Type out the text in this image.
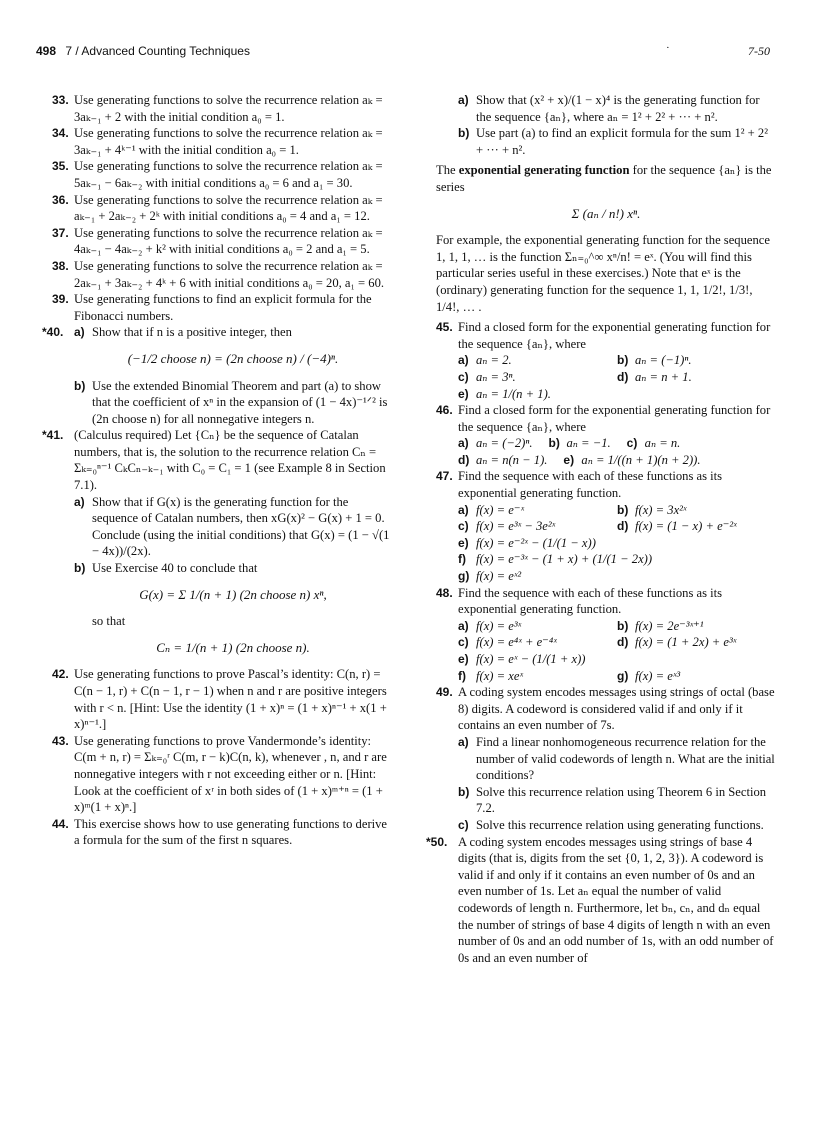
498 7 / Advanced Counting Techniques	·	7-50
33. Use generating functions to solve the recurrence relation aₖ = 3aₖ₋₁ + 2 with the initial condition a₀ = 1.
34. Use generating functions to solve the recurrence relation aₖ = 3aₖ₋₁ + 4ᵏ⁻¹ with the initial condition a₀ = 1.
35. Use generating functions to solve the recurrence relation aₖ = 5aₖ₋₁ − 6aₖ₋₂ with initial conditions a₀ = 6 and a₁ = 30.
36. Use generating functions to solve the recurrence relation aₖ = aₖ₋₁ + 2aₖ₋₂ + 2ᵏ with initial conditions a₀ = 4 and a₁ = 12.
37. Use generating functions to solve the recurrence relation aₖ = 4aₖ₋₁ − 4aₖ₋₂ + k² with initial conditions a₀ = 2 and a₁ = 5.
38. Use generating functions to solve the recurrence relation aₖ = 2aₖ₋₁ + 3aₖ₋₂ + 4ᵏ + 6 with initial conditions a₀ = 20, a₁ = 60.
39. Use generating functions to find an explicit formula for the Fibonacci numbers.
*40. a) Show that if n is a positive integer, then
(−1/2 choose n) = (2n choose n) / (−4)ⁿ.
b) Use the extended Binomial Theorem and part (a) to show that the coefficient of xⁿ in the expansion of (1 − 4x)⁻¹ᐟ² is (2n choose n) for all nonnegative integers n.
*41. (Calculus required) Let {Cₙ} be the sequence of Catalan numbers, that is, the solution to the recurrence relation Cₙ = Σₖ₌₀ⁿ⁻¹ CₖCₙ₋ₖ₋₁ with C₀ = C₁ = 1 (see Example 8 in Section 7.1).
a) Show that if G(x) is the generating function for the sequence of Catalan numbers, then xG(x)² − G(x) + 1 = 0. Conclude (using the initial conditions) that G(x) = (1 − √(1 − 4x))/(2x).
b) Use Exercise 40 to conclude that
G(x) = Σ 1/(n + 1) (2n choose n) xⁿ,
so that
Cₙ = 1/(n + 1) (2n choose n).
42. Use generating functions to prove Pascal’s identity: C(n, r) = C(n − 1, r) + C(n − 1, r − 1) when n and r are positive integers with r < n. [Hint: Use the identity (1 + x)ⁿ = (1 + x)ⁿ⁻¹ + x(1 + x)ⁿ⁻¹.]
43. Use generating functions to prove Vandermonde’s identity: C(m + n, r) = Σₖ₌₀ʳ C(m, r − k)C(n, k), whenever , n, and r are nonnegative integers with r not exceeding either or n. [Hint: Look at the coefficient of xʳ in both sides of (1 + x)ᵐ⁺ⁿ = (1 + x)ᵐ(1 + x)ⁿ.]
44. This exercise shows how to use generating functions to derive a formula for the sum of the first n squares.
a) Show that (x² + x)/(1 − x)⁴ is the generating function for the sequence {aₙ}, where aₙ = 1² + 2² + ··· + n².
b) Use part (a) to find an explicit formula for the sum 1² + 2² + ··· + n².
The exponential generating function for the sequence {aₙ} is the series
Σ (aₙ / n!) xⁿ.
For example, the exponential generating function for the sequence 1, 1, 1, … is the function Σₙ₌₀^∞ xⁿ/n! = eˣ. (You will find this particular series useful in these exercises.) Note that eˣ is the (ordinary) generating function for the sequence 1, 1, 1/2!, 1/3!, 1/4!, … .
45. Find a closed form for the exponential generating function for the sequence {aₙ}, where
a) aₙ = 2.	b) aₙ = (−1)ⁿ.
c) aₙ = 3ⁿ.	d) aₙ = n + 1.
e) aₙ = 1/(n + 1).
46. Find a closed form for the exponential generating function for the sequence {aₙ}, where
a) aₙ = (−2)ⁿ. b) aₙ = −1. c) aₙ = n.
d) aₙ = n(n − 1). e) aₙ = 1/((n + 1)(n + 2)).
47. Find the sequence with each of these functions as its exponential generating function.
a) f(x) = e⁻ˣ	b) f(x) = 3x²ˣ
c) f(x) = e³ˣ − 3e²ˣ	d) f(x) = (1 − x) + e⁻²ˣ
e) f(x) = e⁻²ˣ − (1/(1 − x))
f) f(x) = e⁻³ˣ − (1 + x) + (1/(1 − 2x))
g) f(x) = eˣ²
48. Find the sequence with each of these functions as its exponential generating function.
a) f(x) = e³ˣ	b) f(x) = 2e⁻³ˣ⁺¹
c) f(x) = e⁴ˣ + e⁻⁴ˣ	d) f(x) = (1 + 2x) + e³ˣ
e) f(x) = eˣ − (1/(1 + x))
f) f(x) = xeˣ	g) f(x) = eˣ³
49. A coding system encodes messages using strings of octal (base 8) digits. A codeword is considered valid if and only if it contains an even number of 7s.
a) Find a linear nonhomogeneous recurrence relation for the number of valid codewords of length n. What are the initial conditions?
b) Solve this recurrence relation using Theorem 6 in Section 7.2.
c) Solve this recurrence relation using generating functions.
*50. A coding system encodes messages using strings of base 4 digits (that is, digits from the set {0, 1, 2, 3}). A codeword is valid if and only if it contains an even number of 0s and an even number of 1s. Let aₙ equal the number of valid codewords of length n. Furthermore, let bₙ, cₙ, and dₙ equal the number of strings of base 4 digits of length n with an even number of 0s and an odd number of 1s, with an odd number of 0s and an even number of
